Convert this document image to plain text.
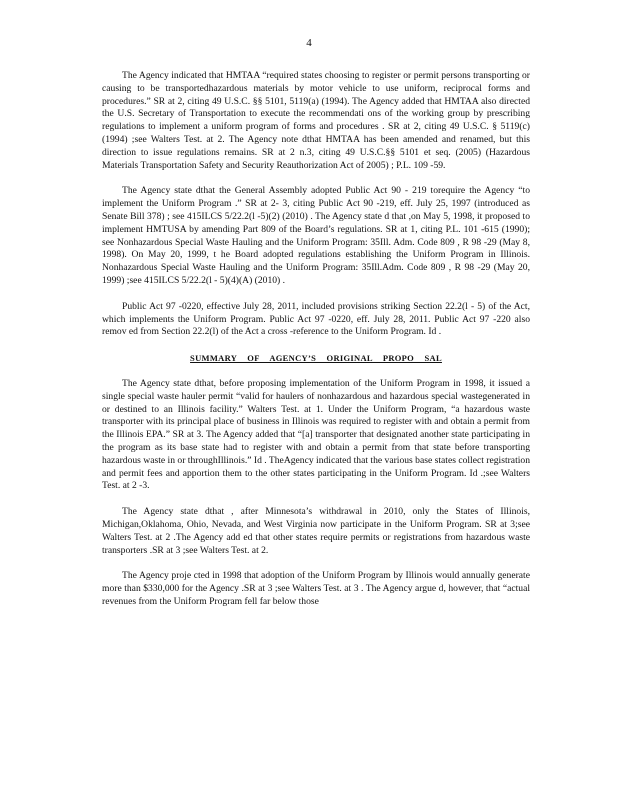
4

The Agency indicated that HMTAA “required states choosing to register or permit persons transporting or causing to be transportedhazardous materials by motor vehicle to use uniform, reciprocal forms and procedures.” SR at 2, citing 49 U.S.C. §§ 5101, 5119(a) (1994). The Agency added that HMTAA also directed the U.S. Secretary of Transportation to execute the recommendati ons of the working group by prescribing regulations to implement a uniform program of forms and procedures . SR at 2, citing 49 U.S.C. § 5119(c) (1994) ;see Walters Test. at 2. The Agency note dthat HMTAA has been amended and renamed, but this direction to issue regulations remains. SR at 2 n.3, citing 49 U.S.C.§§ 5101 et seq. (2005) (Hazardous Materials Transportation Safety and Security Reauthorization Act of 2005) ; P.L. 109 -59.

The Agency state dthat the General Assembly adopted Public Act 90 - 219 torequire the Agency “to implement the Uniform Program .” SR at 2- 3, citing Public Act 90 -219, eff. July 25, 1997 (introduced as Senate Bill 378) ; see 415ILCS 5/22.2(l -5)(2) (2010) . The Agency state d that ,on May 5, 1998, it proposed to implement HMTUSA by amending Part 809 of the Board’s regulations. SR at 1, citing P.L. 101 -615 (1990); see Nonhazardous Special Waste Hauling and the Uniform Program: 35Ill. Adm. Code 809 , R 98 -29 (May 8, 1998). On May 20, 1999, t he Board adopted regulations establishing the Uniform Program in Illinois. Nonhazardous Special Waste Hauling and the Uniform Program: 35Ill.Adm. Code 809 , R 98 -29 (May 20, 1999) ;see 415ILCS 5/22.2(l - 5)(4)(A) (2010) .

Public Act 97 -0220, effective July 28, 2011, included provisions striking Section 22.2(l - 5) of the Act, which implements the Uniform Program. Public Act 97 -0220, eff. July 28, 2011. Public Act 97 -220 also remov ed from Section 22.2(l) of the Act a cross -reference to the Uniform Program. Id .

SUMMARY OF AGENCY’S ORIGINAL PROPO SAL

The Agency state dthat, before proposing implementation of the Uniform Program in 1998, it issued a single special waste hauler permit “valid for haulers of nonhazardous and hazardous special wastegenerated in or destined to an Illinois facility.” Walters Test. at 1. Under the Uniform Program, “a hazardous waste transporter with its principal place of business in Illinois was required to register with and obtain a permit from the Illinois EPA.” SR at 3. The Agency added that “[a] transporter that designated another state participating in the program as its base state had to register with and obtain a permit from that state before transporting hazardous waste in or throughIllinois.” Id . TheAgency indicated that the various base states collect registration and permit fees and apportion them to the other states participating in the Uniform Program. Id .;see Walters Test. at 2 -3.

The Agency state dthat , after Minnesota’s withdrawal in 2010, only the States of Illinois, Michigan,Oklahoma, Ohio, Nevada, and West Virginia now participate in the Uniform Program. SR at 3;see Walters Test. at 2 .The Agency add ed that other states require permits or registrations from hazardous waste transporters .SR at 3 ;see Walters Test. at 2.

The Agency proje cted in 1998 that adoption of the Uniform Program by Illinois would annually generate more than $330,000 for the Agency .SR at 3 ;see Walters Test. at 3 . The Agency argue d, however, that “actual revenues from the Uniform Program fell far below those
